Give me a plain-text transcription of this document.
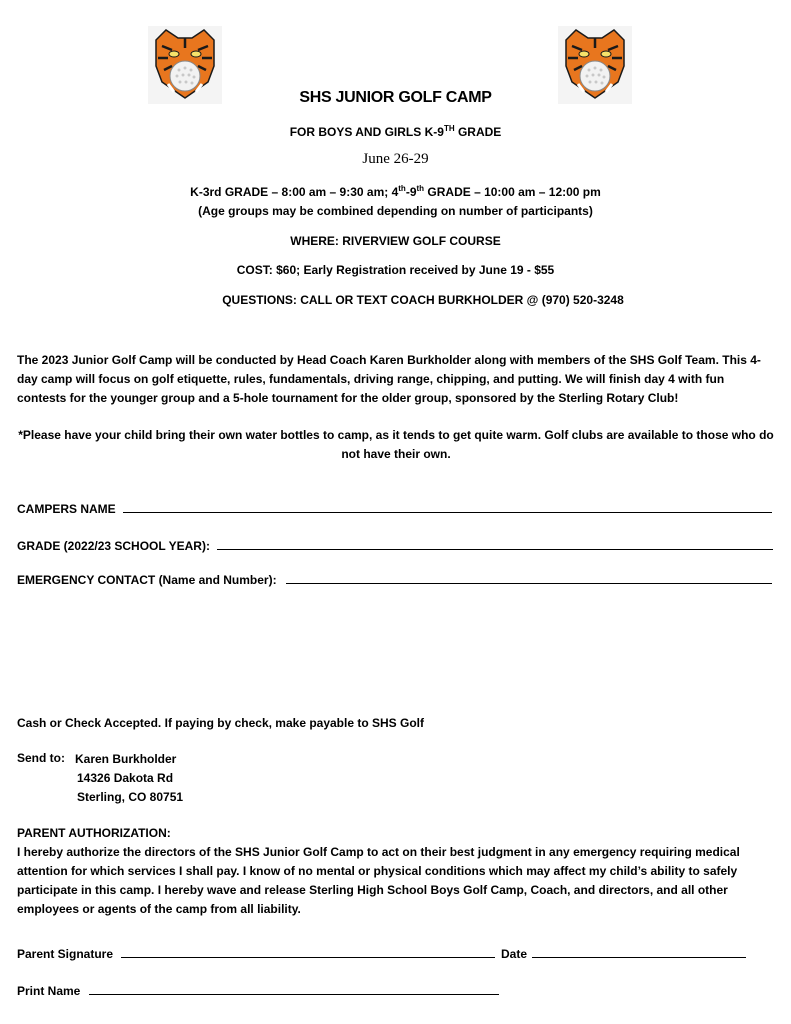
SHS JUNIOR GOLF CAMP
FOR BOYS AND GIRLS K-9TH GRADE
June 26-29
K-3rd GRADE – 8:00 am – 9:30 am; 4th-9th GRADE – 10:00 am – 12:00 pm
(Age groups may be combined depending on number of participants)
WHERE: RIVERVIEW GOLF COURSE
COST: $60; Early Registration received by June 19 - $55
QUESTIONS: CALL OR TEXT COACH BURKHOLDER @ (970) 520-3248
The 2023 Junior Golf Camp will be conducted by Head Coach Karen Burkholder along with members of the SHS Golf Team. This 4-day camp will focus on golf etiquette, rules, fundamentals, driving range, chipping, and putting. We will finish day 4 with fun contests for the younger group and a 5-hole tournament for the older group, sponsored by the Sterling Rotary Club!
*Please have your child bring their own water bottles to camp, as it tends to get quite warm. Golf clubs are available to those who do not have their own.
CAMPERS NAME
GRADE (2022/23 SCHOOL YEAR):
EMERGENCY CONTACT (Name and Number):
Cash or Check Accepted. If paying by check, make payable to SHS Golf
Send to: Karen Burkholder
14326 Dakota Rd
Sterling, CO 80751
PARENT AUTHORIZATION:
I hereby authorize the directors of the SHS Junior Golf Camp to act on their best judgment in any emergency requiring medical attention for which services I shall pay. I know of no mental or physical conditions which may affect my child’s ability to safely participate in this camp. I hereby wave and release Sterling High School Boys Golf Camp, Coach, and directors, and all other employees or agents of the camp from all liability.
Parent Signature	Date
Print Name
